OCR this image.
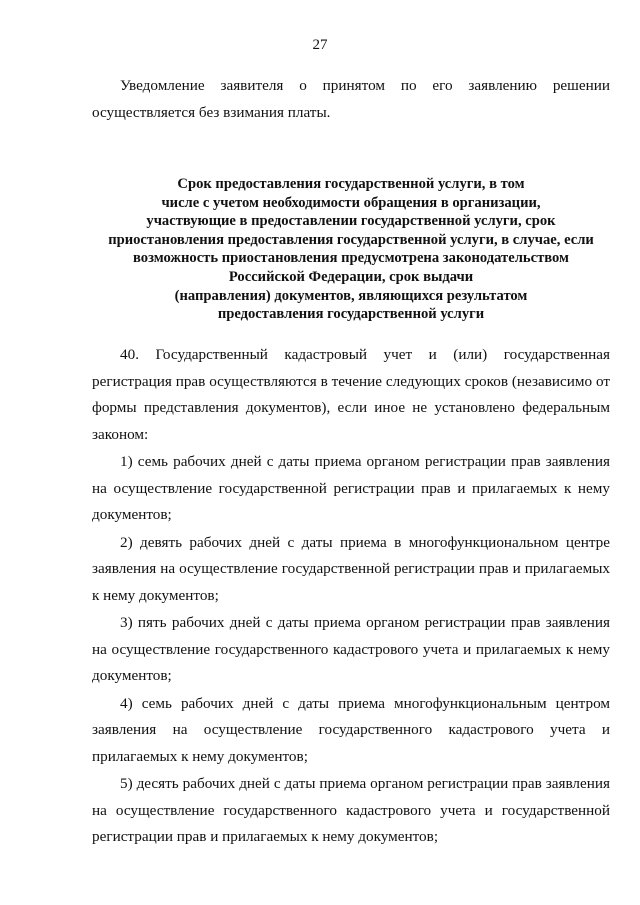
27
Уведомление заявителя о принятом по его заявлению решении осуществляется без взимания платы.
Срок предоставления государственной услуги, в том
числе с учетом необходимости обращения в организации,
участвующие в предоставлении государственной услуги, срок
приостановления предоставления государственной услуги, в случае, если
возможность приостановления предусмотрена законодательством
Российской Федерации, срок выдачи
(направления) документов, являющихся результатом
предоставления государственной услуги

40. Государственный кадастровый учет и (или) государственная регистрация прав осуществляются в течение следующих сроков (независимо от формы представления документов), если иное не установлено федеральным законом:

1) семь рабочих дней с даты приема органом регистрации прав заявления на осуществление государственной регистрации прав и прилагаемых к нему документов;

2) девять рабочих дней с даты приема в многофункциональном центре заявления на осуществление государственной регистрации прав и прилагаемых к нему документов;

3) пять рабочих дней с даты приема органом регистрации прав заявления на осуществление государственного кадастрового учета и прилагаемых к нему документов;

4) семь рабочих дней с даты приема многофункциональным центром заявления на осуществление государственного кадастрового учета и прилагаемых к нему документов;

5) десять рабочих дней с даты приема органом регистрации прав заявления на осуществление государственного кадастрового учета и государственной регистрации прав и прилагаемых к нему документов;
